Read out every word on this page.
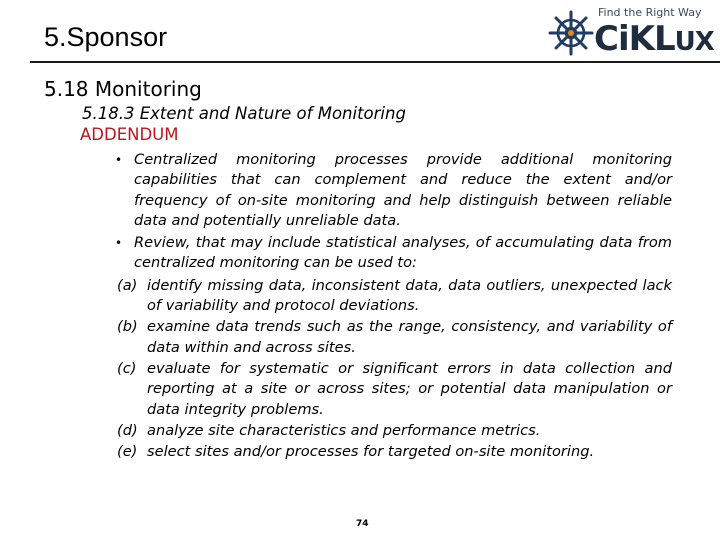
5.Sponsor
Find the Right Way
CiKLUX
5.18 Monitoring
5.18.3 Extent and Nature of Monitoring
ADDENDUM
• Centralized monitoring processes provide additional monitoring capabilities that can complement and reduce the extent and/or frequency of on-site monitoring and help distinguish between reliable data and potentially unreliable data.
• Review, that may include statistical analyses, of accumulating data from centralized monitoring can be used to:
(a) identify missing data, inconsistent data, data outliers, unexpected lack of variability and protocol deviations.
(b) examine data trends such as the range, consistency, and variability of data within and across sites.
(c) evaluate for systematic or significant errors in data collection and reporting at a site or across sites; or potential data manipulation or data integrity problems.
(d) analyze site characteristics and performance metrics.
(e) select sites and/or processes for targeted on-site monitoring.
74
